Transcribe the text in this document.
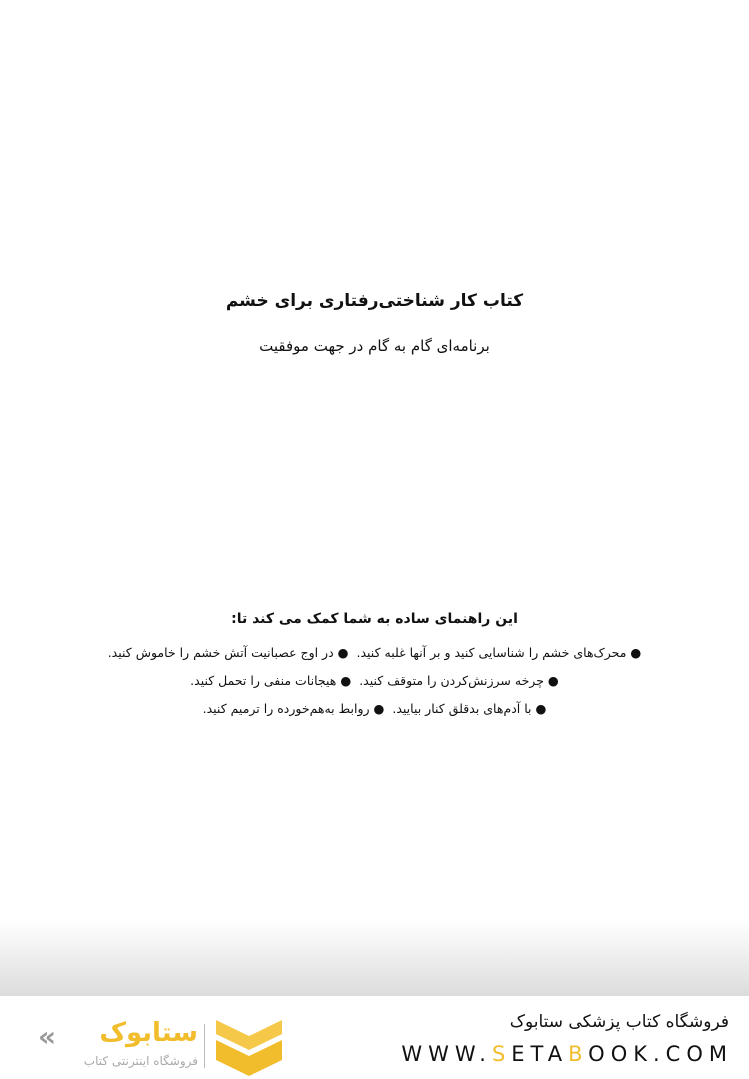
کتاب کار شناختی‌رفتاری برای خشم
برنامه‌ای گام به گام در جهت موفقیت
این راهنمای ساده به شما کمک می کند تا:
● محرک‌های خشم را شناسایی کنید و بر آنها غلبه کنید.  ● در اوج عصبانیت آتش خشم را خاموش کنید.
● چرخه سرزنش‌کردن را متوقف کنید.  ● هیجانات منفی را تحمل کنید.
● با آدم‌های بدقلق کنار بیایید.  ● روابط به‌هم‌خورده را ترمیم کنید.
« ستابوک
فروشگاه اینترنتی کتاب
فروشگاه کتاب پزشکی ستابوک
WWW.SETABOOK.COM
